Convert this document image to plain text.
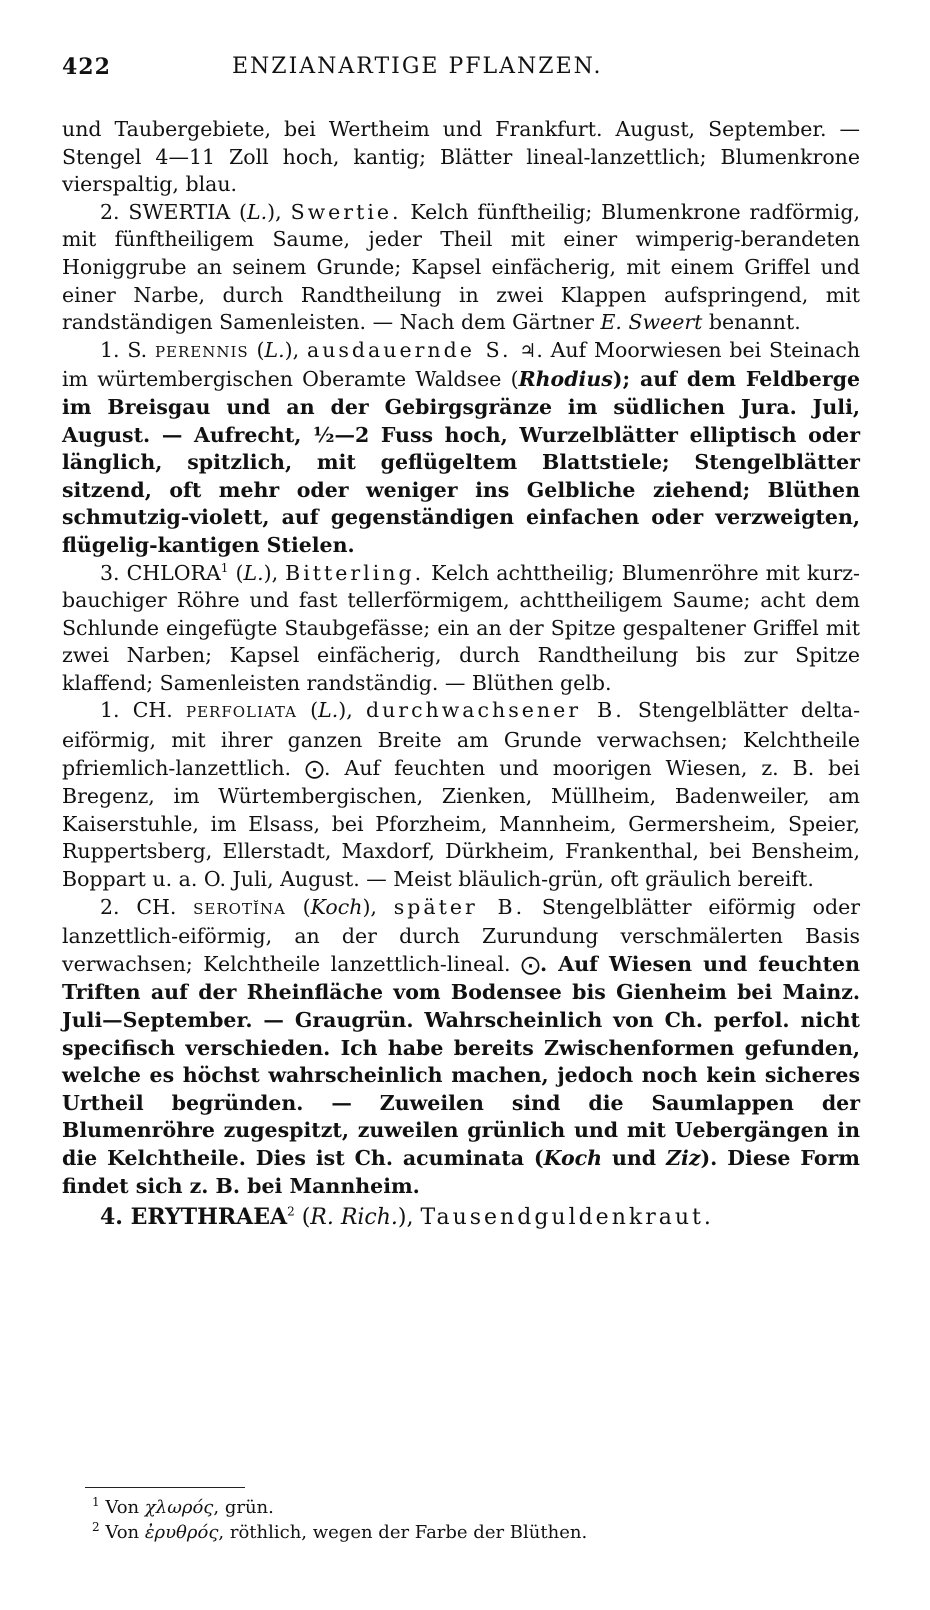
422	ENZIANARTIGE PFLANZEN.

und Taubergebiete, bei Wertheim und Frankfurt. August, September. — Stengel 4—11 Zoll hoch, kantig; Blätter lineal-lanzettlich; Blumenkrone vierspaltig, blau.

2. SWERTIA (L.), Swertie. Kelch fünftheilig; Blumenkrone radförmig, mit fünftheiligem Saume, jeder Theil mit einer wimperig-berandeten Honiggrube an seinem Grunde; Kapsel einfächerig, mit einem Griffel und einer Narbe, durch Randtheilung in zwei Klappen aufspringend, mit randständigen Samenleisten. — Nach dem Gärtner E. Sweert benannt.

1. S. PERENNIS (L.), ausdauernde S. ♃. Auf Moorwiesen bei Steinach im würtembergischen Oberamte Waldsee (Rhodius); auf dem Feldberge im Breisgau und an der Gebirgsgränze im südlichen Jura. Juli, August. — Aufrecht, ½—2 Fuss hoch, Wurzelblätter elliptisch oder länglich, spitzlich, mit geflügeltem Blattstiele; Stengelblätter sitzend, oft mehr oder weniger ins Gelbliche ziehend; Blüthen schmutzig-violett, auf gegenständigen einfachen oder verzweigten, flügelig-kantigen Stielen.

3. CHLORA$^1$ (L.), Bitterling. Kelch achttheilig; Blumenröhre mit kurz-bauchiger Röhre und fast tellerförmigem, achttheiligem Saume; acht dem Schlunde eingefügte Staubgefässe; ein an der Spitze gespaltener Griffel mit zwei Narben; Kapsel einfächerig, durch Randtheilung bis zur Spitze klaffend; Samenleisten randständig. — Blüthen gelb.

1. CH. PERFOLIATA (L.), durchwachsener B. Stengelblätter delta-eiförmig, mit ihrer ganzen Breite am Grunde verwachsen; Kelchtheile pfriemlich-lanzettlich. ⨀. Auf feuchten und moorigen Wiesen, z. B. bei Bregenz, im Würtembergischen, Zienken, Müllheim, Badenweiler, am Kaiserstuhle, im Elsass, bei Pforzheim, Mannheim, Germersheim, Speier, Ruppertsberg, Ellerstadt, Maxdorf, Dürkheim, Frankenthal, bei Bensheim, Boppart u. a. O. Juli, August. — Meist bläulich-grün, oft gräulich bereift.

2. CH. SEROTĬNA (Koch), später B. Stengelblätter eiförmig oder lanzettlich-eiförmig, an der durch Zurundung verschmälerten Basis verwachsen; Kelchtheile lanzettlich-lineal. ⨀. Auf Wiesen und feuchten Triften auf der Rheinfläche vom Bodensee bis Gienheim bei Mainz. Juli—September. — Graugrün. Wahrscheinlich von Ch. perfol. nicht specifisch verschieden. Ich habe bereits Zwischenformen gefunden, welche es höchst wahrscheinlich machen, jedoch noch kein sicheres Urtheil begründen. — Zuweilen sind die Saumlappen der Blumenröhre zugespitzt, zuweilen grünlich und mit Uebergängen in die Kelchtheile. Dies ist Ch. acuminata (Koch und Ziz). Diese Form findet sich z. B. bei Mannheim.

4. ERYTHRAEA$^2$ (R. Rich.), Tausendguldenkraut.

$^1$ Von χλωρός, grün.

$^2$ Von ἐρυθρός, röthlich, wegen der Farbe der Blüthen.
